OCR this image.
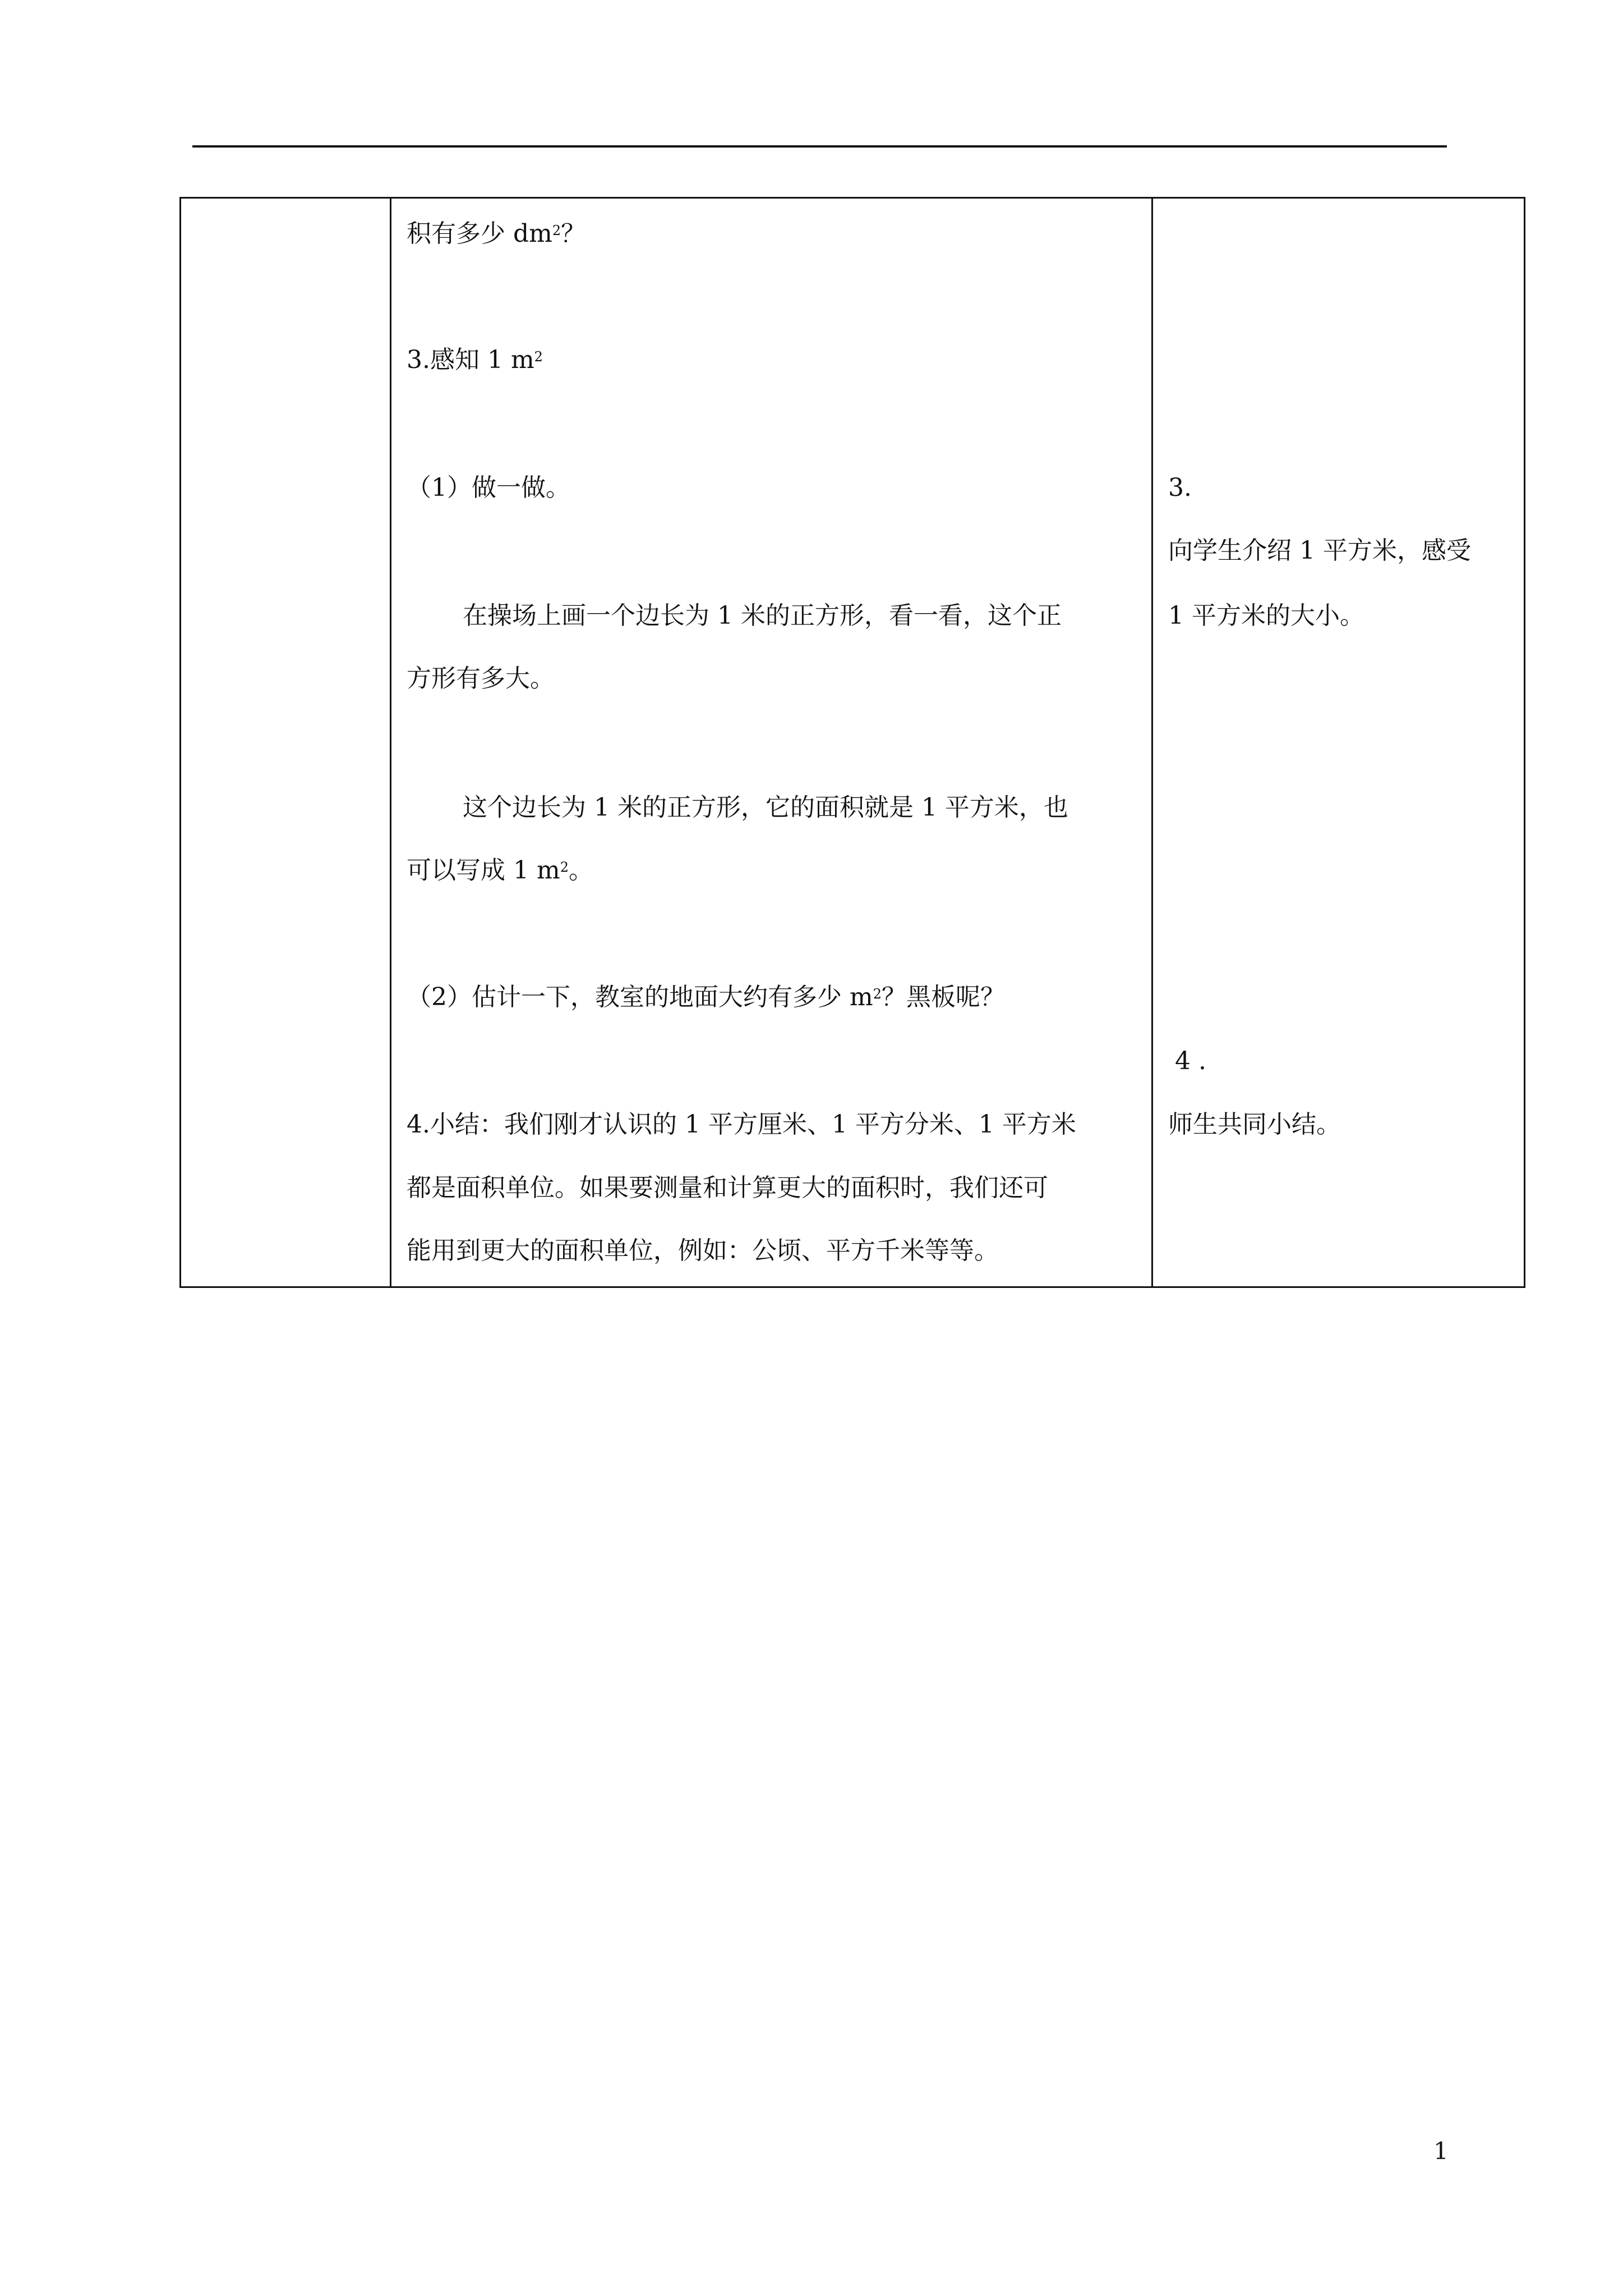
积有多少 $dm^2$？
3.感知 1 $m^2$
（1）做一做。
在操场上画一个边长为 1 米的正方形，看一看，这个正
方形有多大。
这个边长为 1 米的正方形，它的面积就是 1 平方米，也
可以写成 1 $m^2$。
（2）估计一下，教室的地面大约有多少 $m^2$？黑板呢？
4.小结：我们刚才认识的 1 平方厘米、1 平方分米、1 平方米
都是面积单位。如果要测量和计算更大的面积时，我们还可
能用到更大的面积单位，例如：公顷、平方千米等等。
3.
向学生介绍 1 平方米，感受
1 平方米的大小。
4 .
师生共同小结。
1
